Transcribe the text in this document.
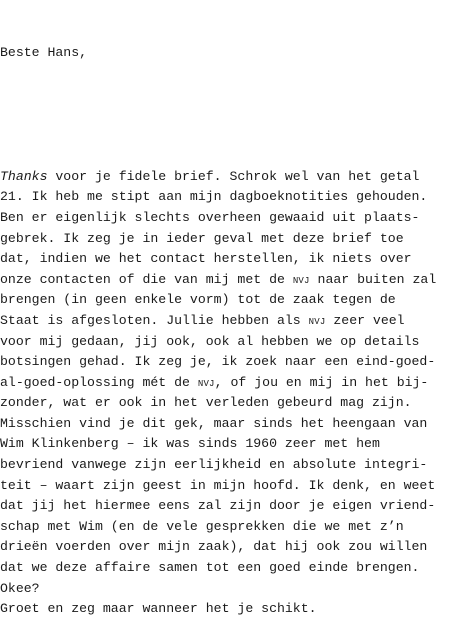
Beste Hans,

Thanks voor je fidele brief. Schrok wel van het getal
21. Ik heb me stipt aan mijn dagboeknotities gehouden.
Ben er eigenlijk slechts overheen gewaaid uit plaats-
gebrek. Ik zeg je in ieder geval met deze brief toe
dat, indien we het contact herstellen, ik niets over
onze contacten of die van mij met de NVJ naar buiten zal
brengen (in geen enkele vorm) tot de zaak tegen de
Staat is afgesloten. Jullie hebben als NVJ zeer veel
voor mij gedaan, jij ook, ook al hebben we op details
botsingen gehad. Ik zeg je, ik zoek naar een eind-goed-
al-goed-oplossing mét de NVJ, of jou en mij in het bij-
zonder, wat er ook in het verleden gebeurd mag zijn.
Misschien vind je dit gek, maar sinds het heengaan van
Wim Klinkenberg – ik was sinds 1960 zeer met hem
bevriend vanwege zijn eerlijkheid en absolute integri-
teit – waart zijn geest in mijn hoofd. Ik denk, en weet
dat jij het hiermee eens zal zijn door je eigen vriend-
schap met Wim (en de vele gesprekken die we met z’n
drieën voerden over mijn zaak), dat hij ook zou willen
dat we deze affaire samen tot een goed einde brengen.
Okee?
Groet en zeg maar wanneer het je schikt.
